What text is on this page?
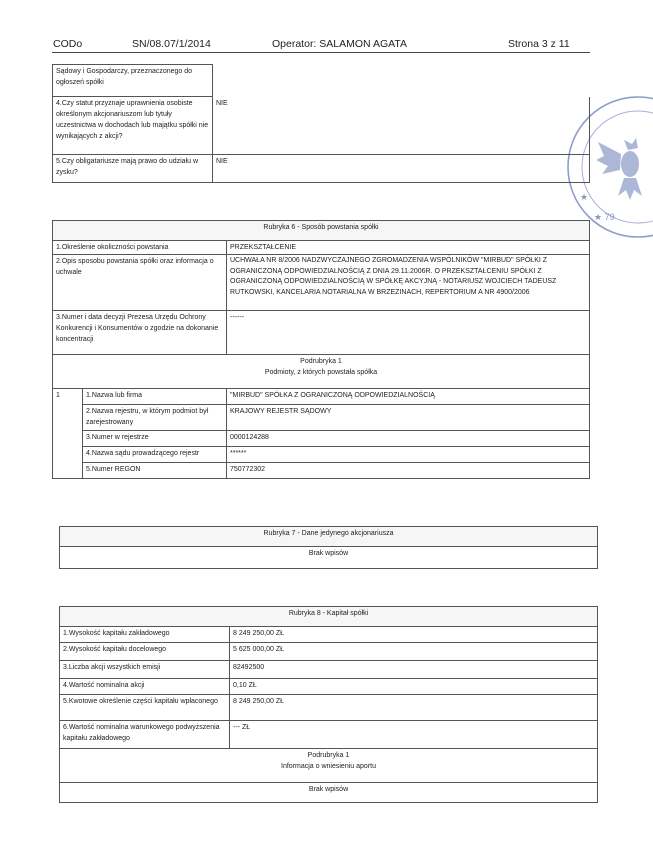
CODo	SN/08.07/1/2014	Operator: SALAMON AGATA	Strona 3 z 11
★
★ 79
Sądowy i Gospodarczy, przeznaczonego do ogłoszeń spółki	
4.Czy statut przyznaje uprawnienia osobiste określonym akcjonariuszom lub tytuły uczestnictwa w dochodach lub majątku spółki nie wynikających z akcji?	NIE
5.Czy obligatariusze mają prawo do udziału w zysku?	NIE
Rubryka 6 - Sposób powstania spółki		
1.Określenie okoliczności powstania		PRZEKSZTAŁCENIE
2.Opis sposobu powstania spółki oraz informacja o uchwale		UCHWAŁA NR 8/2006 NADZWYCZAJNEGO ZGROMADZENIA WSPÓLNIKÓW "MIRBUD" SPÓŁKI Z OGRANICZONĄ ODPOWIEDZIALNOŚCIĄ Z DNIA 29.11.2006R. O PRZEKSZTAŁCENIU SPÓŁKI Z OGRANICZONĄ ODPOWIEDZIALNOŚCIĄ W SPÓŁKĘ AKCYJNĄ - NOTARIUSZ WOJCIECH TADEUSZ RUTKOWSKI, KANCELARIA NOTARIALNA W BRZEZINACH, REPERTORIUM A NR 4900/2006
3.Numer i data decyzji Prezesa Urzędu Ochrony Konkurencji i Konsumentów o zgodzie na dokonanie koncentracji		------

Podrubryka 1
Podmioty, z których powstała spółka		

1	1.Nazwa lub firma	"MIRBUD" SPÓŁKA Z OGRANICZONĄ ODPOWIEDZIALNOŚCIĄ
	2.Nazwa rejestru, w którym podmiot był zarejestrowany	KRAJOWY REJESTR SĄDOWY
	3.Numer w rejestrze	0000124288
	4.Nazwa sądu prowadzącego rejestr	******
	5.Numer REGON	750772302
Rubryka 7 - Dane jedynego akcjonariusza
Brak wpisów
Rubryka 8 - Kapitał spółki	
1.Wysokość kapitału zakładowego	8 249 250,00 ZŁ
2.Wysokość kapitału docelowego	5 625 000,00 ZŁ
3.Liczba akcji wszystkich emisji	82492500
4.Wartość nominalna akcji	0,10 ZŁ
5.Kwotowe określenie części kapitału wpłaconego	8 249 250,00 ZŁ
6.Wartość nominalna warunkowego podwyższenia kapitału zakładowego	--- ZŁ

Podrubryka 1
Informacja o wniesieniu aportu	

Brak wpisów	
